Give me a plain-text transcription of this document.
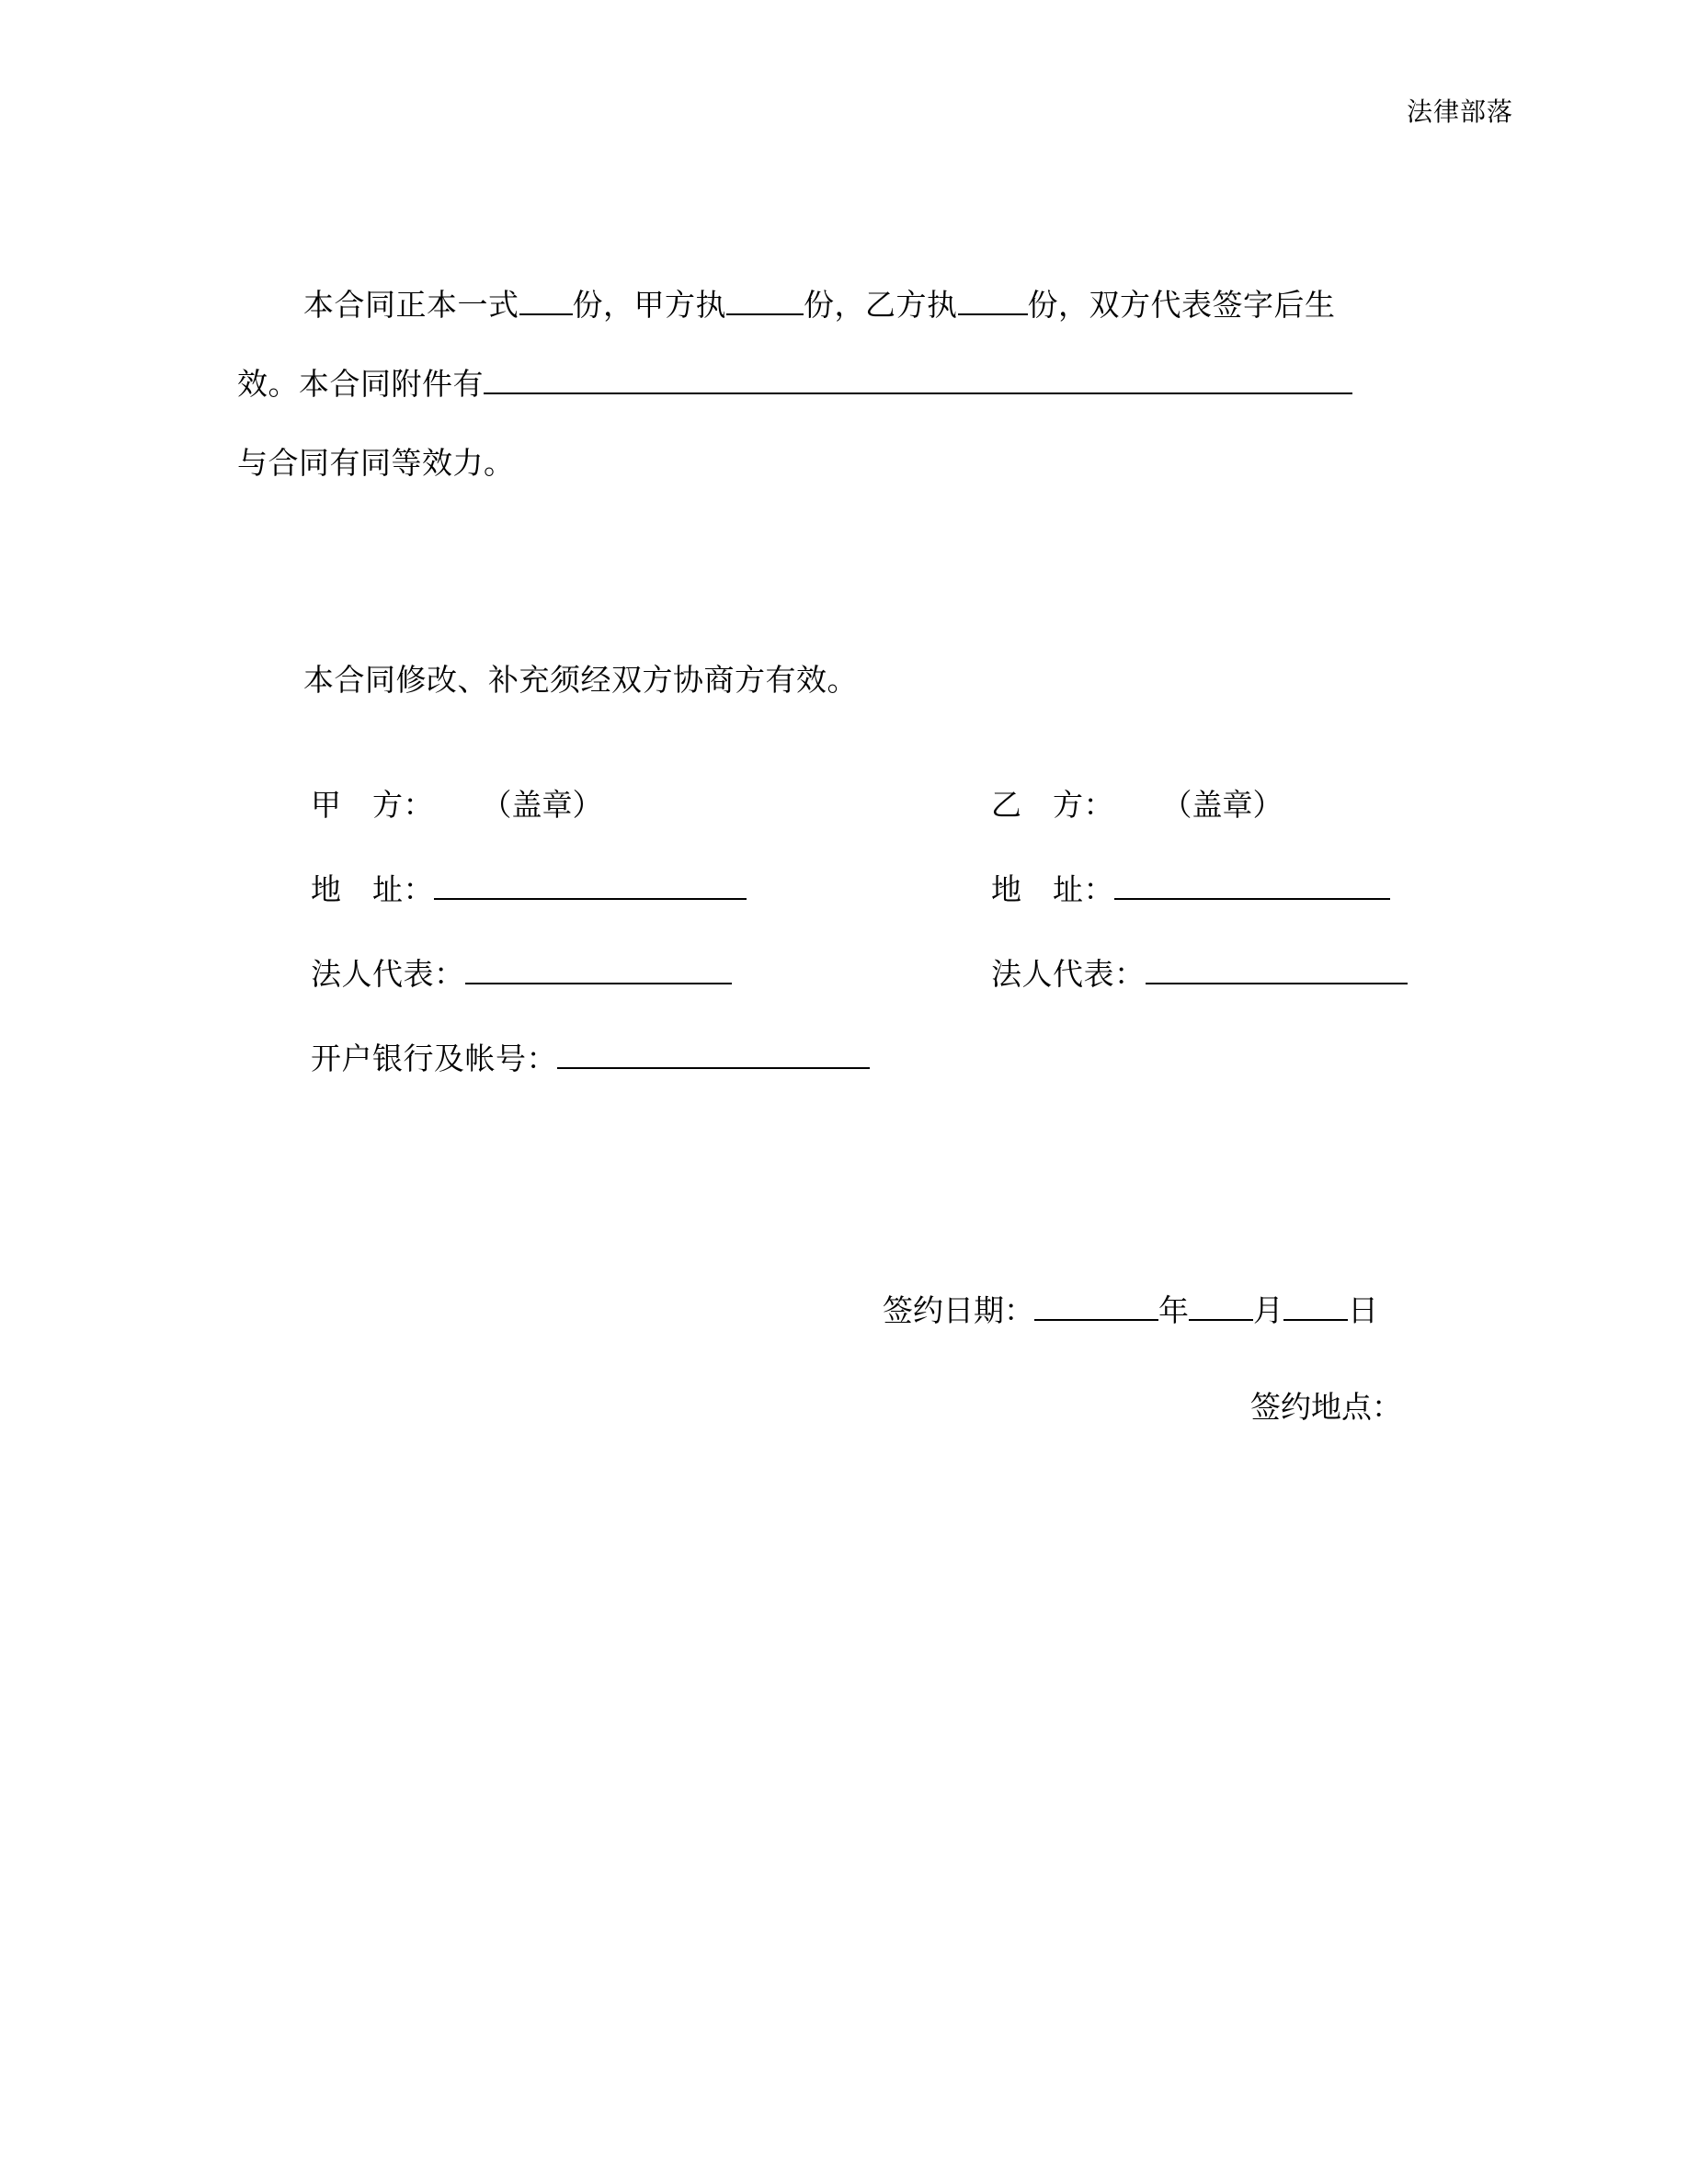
法律部落
本合同正本一式 份，甲方执	份，乙方执 份，双方代表签字后生
效。本合同附件有
与合同有同等效力。
本合同修改、补充须经双方协商方有效。
甲　方： （盖章）	乙　方： （盖章）
地　址：	地　址：
法人代表：	法人代表：
开户银行及帐号：
签约日期：	年 月 日
签约地点：
